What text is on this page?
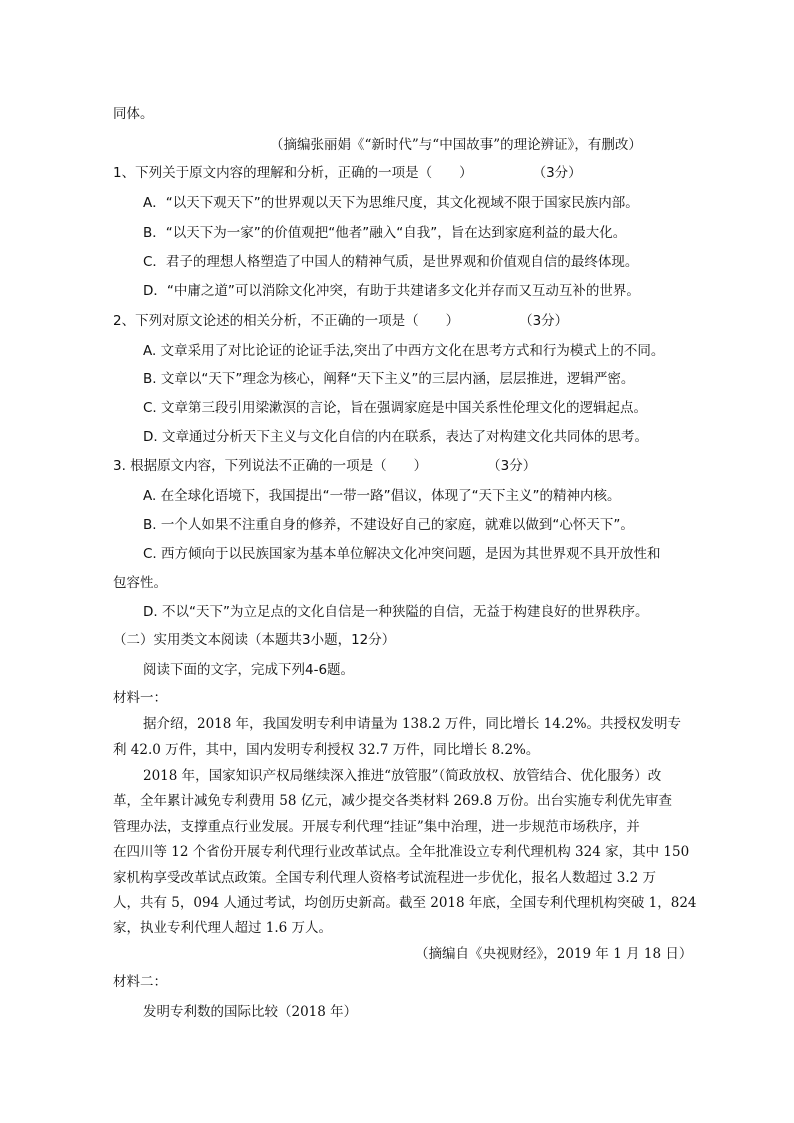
同体。
（摘编张丽娟《“新时代”与“中国故事”的理论辨证》，有删改）
1、下列关于原文内容的理解和分析，正确的一项是（　　）	（3分）
A．“以天下观天下”的世界观以天下为思维尺度，其文化视域不限于国家民族内部。
B．“以天下为一家”的价值观把“他者”融入“自我”，旨在达到家庭利益的最大化。
C．君子的理想人格塑造了中国人的精神气质，是世界观和价值观自信的最终体现。
D．“中庸之道”可以消除文化冲突，有助于共建诸多文化并存而又互动互补的世界。
2、下列对原文论述的相关分析，不正确的一项是（　　）	（3分）
A. 文章采用了对比论证的论证手法,突出了中西方文化在思考方式和行为模式上的不同。
B. 文章以“天下”理念为核心，阐释“天下主义”的三层内涵，层层推进，逻辑严密。
C. 文章第三段引用梁漱溟的言论，旨在强调家庭是中国关系性伦理文化的逻辑起点。
D. 文章通过分析天下主义与文化自信的内在联系，表达了对构建文化共同体的思考。
3. 根据原文内容，下列说法不正确的一项是（　　）	（3分）
A. 在全球化语境下，我国提出“一带一路”倡议，体现了“天下主义”的精神内核。
B. 一个人如果不注重自身的修养，不建设好自己的家庭，就难以做到“心怀天下”。
C. 西方倾向于以民族国家为基本单位解决文化冲突问题，是因为其世界观不具开放性和
包容性。
D. 不以“天下”为立足点的文化自信是一种狭隘的自信，无益于构建良好的世界秩序。
（二）实用类文本阅读（本题共3小题，12分）
阅读下面的文字，完成下列4-6题。
材料一：
据介绍，2018 年，我国发明专利申请量为 138.2 万件，同比增长 14.2%。共授权发明专
利 42.0 万件，其中，国内发明专利授权 32.7 万件，同比增长 8.2%。
2018 年，国家知识产权局继续深入推进“放管服”（简政放权、放管结合、优化服务）改
革，全年累计减免专利费用 58 亿元，减少提交各类材料 269.8 万份。出台实施专利优先审查
管理办法，支撑重点行业发展。开展专利代理“挂证”集中治理，进一步规范市场秩序，并
在四川等 12 个省份开展专利代理行业改革试点。全年批准设立专利代理机构 324 家，其中 150
家机构享受改革试点政策。全国专利代理人资格考试流程进一步优化，报名人数超过 3.2 万
人，共有 5，094 人通过考试，均创历史新高。截至 2018 年底，全国专利代理机构突破 1，824
家，执业专利代理人超过 1.6 万人。
（摘编自《央视财经》，2019 年 1 月 18 日）
材料二：
发明专利数的国际比较（2018 年）
